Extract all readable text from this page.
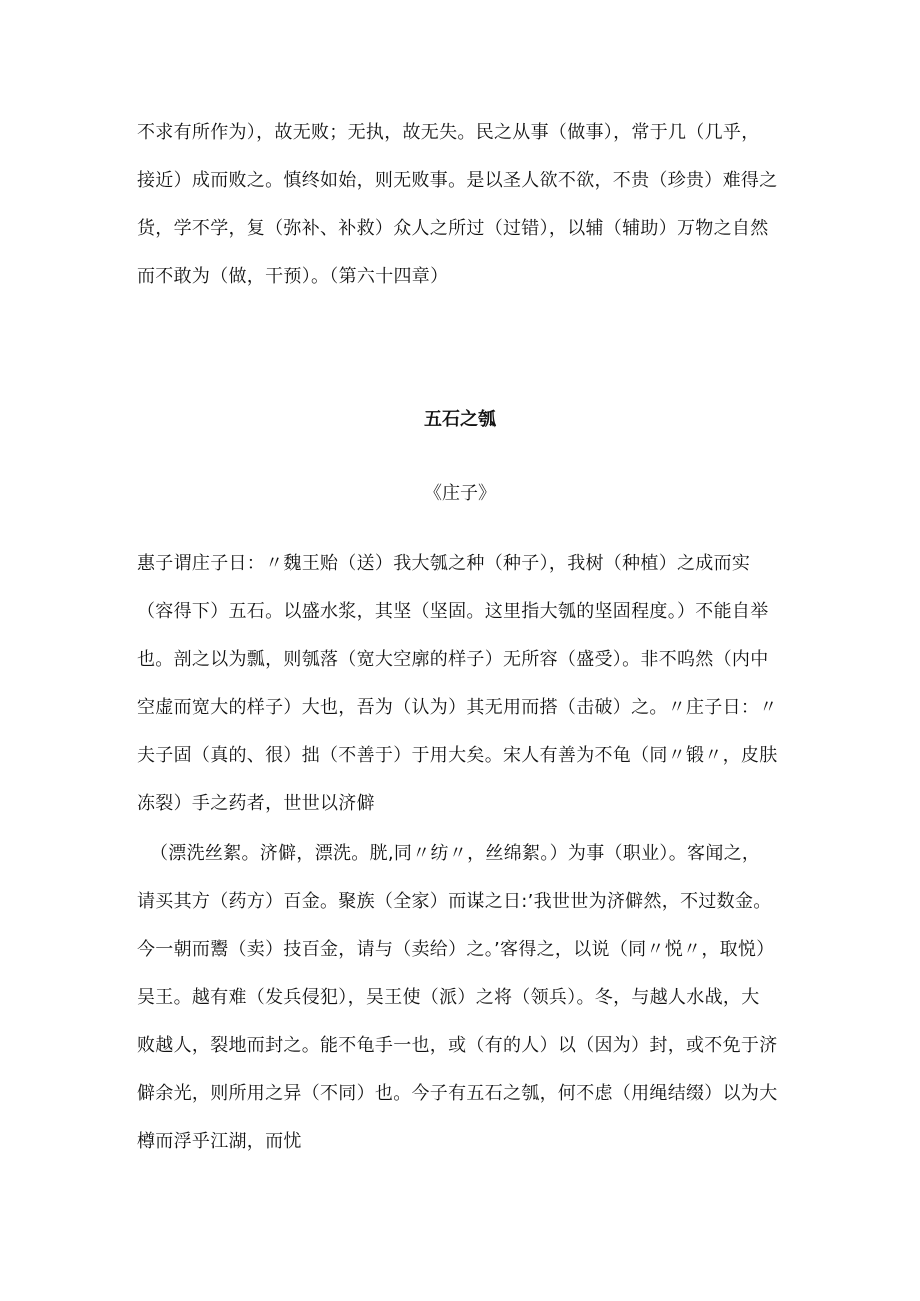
不求有所作为），故无败；无执，故无失。民之从事（做事），常于几（几乎，
接近）成而败之。慎终如始，则无败事。是以圣人欲不欲，不贵（珍贵）难得之
货，学不学，复（弥补、补救）众人之所过（过错），以辅（辅助）万物之自然
而不敢为（做，干预）。（第六十四章）
五石之瓠
《庄子》
惠子谓庄子日：〃魏王贻（送）我大瓠之种（种子），我树（种植）之成而实
（容得下）五石。以盛水浆，其坚（坚固。这里指大瓠的坚固程度。）不能自举
也。剖之以为瓢，则瓠落（宽大空廓的样子）无所容（盛受）。非不呜然（内中
空虚而宽大的样子）大也，吾为（认为）其无用而搭（击破）之。〃庄子日：〃
夫子固（真的、很）拙（不善于）于用大矣。宋人有善为不龟（同〃锻〃，皮肤
冻裂）手之药者，世世以济僻
（漂洗丝絮。济僻，漂洗。胱,同〃纺〃，丝绵絮。）为事（职业）。客闻之，
请买其方（药方）百金。聚族（全家）而谋之日:’我世世为济僻然，不过数金。
今一朝而鬻（卖）技百金，请与（卖给）之。’客得之，以说（同〃悦〃，取悦）
吴王。越有难（发兵侵犯），吴王使（派）之将（领兵）。冬，与越人水战，大
败越人，裂地而封之。能不龟手一也，或（有的人）以（因为）封，或不免于济
僻余光，则所用之异（不同）也。今子有五石之瓠，何不虑（用绳结缀）以为大
樽而浮乎江湖，而忧
